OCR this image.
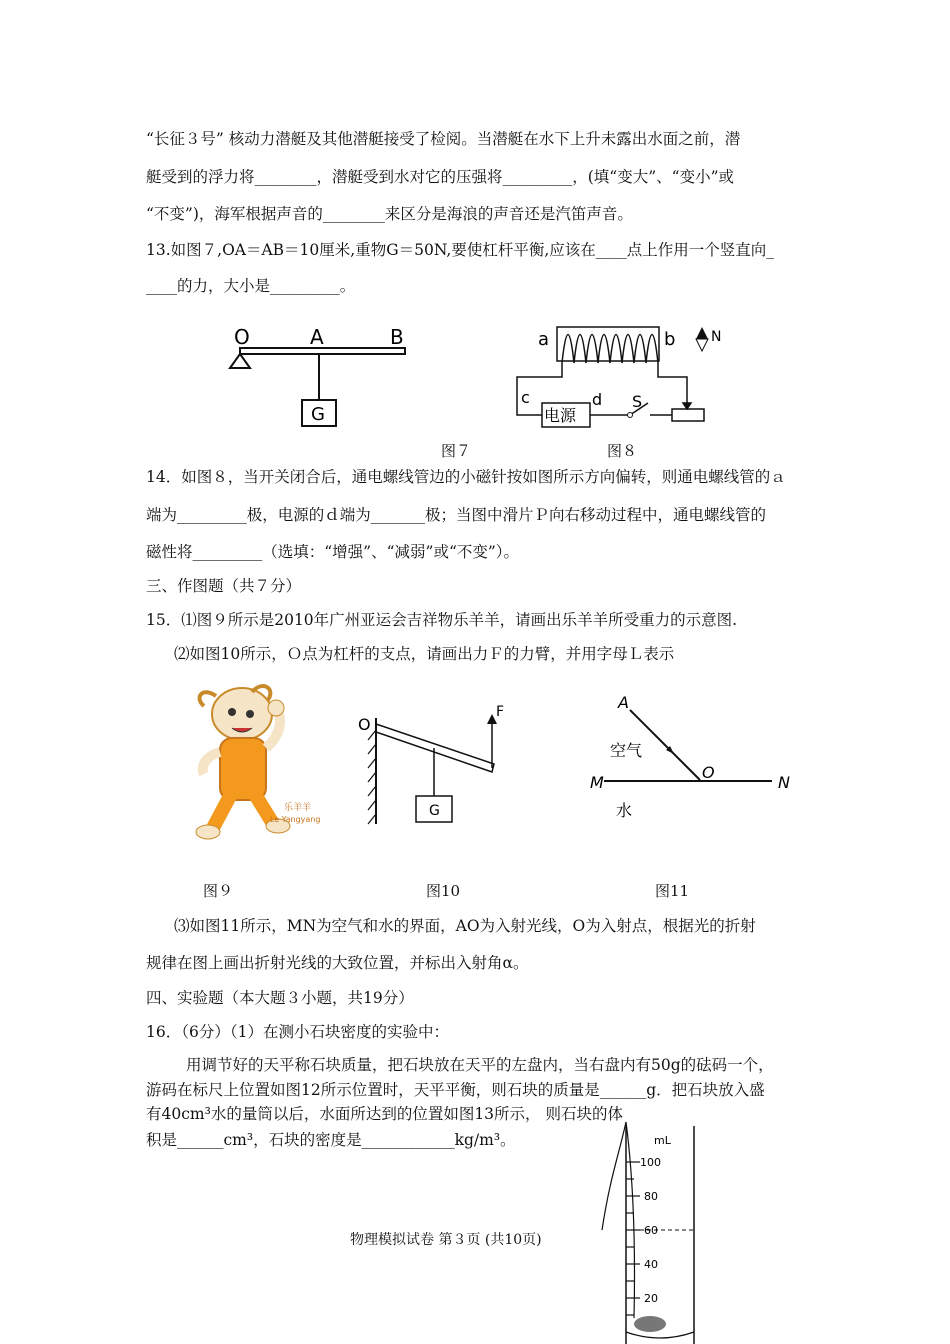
“长征３号” 核动力潜艇及其他潜艇接受了检阅。当潜艇在水下上升未露出水面之前，潜
艇受到的浮力将________，潜艇受到水对它的压强将_________，(填“变大”、“变小”或
“不变”)，海军根据声音的________来区分是海浪的声音还是汽笛声音。
13.如图７,OA＝AB＝10厘米,重物G＝50N,要使杠杆平衡,应该在____点上作用一个竖直向_
____的力，大小是_________。
O	A	B
G
a	b
c
电源
d S
N
图７	图８
14．如图８，当开关闭合后，通电螺线管边的小磁针按如图所示方向偏转，则通电螺线管的ａ
端为_________极，电源的ｄ端为_______极；当图中滑片Ｐ向右移动过程中，通电螺线管的
磁性将_________（选填：“增强”、“减弱”或“不变”）。
三、作图题（共７分）
15．⑴图９所示是2010年广州亚运会吉祥物乐羊羊，请画出乐羊羊所受重力的示意图.
⑵如图10所示，Ｏ点为杠杆的支点，请画出力Ｆ的力臂，并用字母Ｌ表示
乐羊羊
Le Yangyang
O
F
G
A
空气
O
M	N
水
图９	图10	图11
⑶如图11所示，MN为空气和水的界面，AO为入射光线，O为入射点，根据光的折射
规律在图上画出折射光线的大致位置，并标出入射角α。
四、实验题（本大题３小题，共19分）
16．（6分）（1）在测小石块密度的实验中：
用调节好的天平称石块质量，把石块放在天平的左盘内，当右盘内有50g的砝码一个，
游码在标尺上位置如图12所示位置时，天平平衡，则石块的质量是______g．把石块放入盛
有40cm³水的量筒以后，水面所达到的位置如图13所示， 则石块的体
积是______cm³，石块的密度是____________kg/m³。	mL
100
80
60
40
20
物理模拟试卷 第３页 (共10页)
